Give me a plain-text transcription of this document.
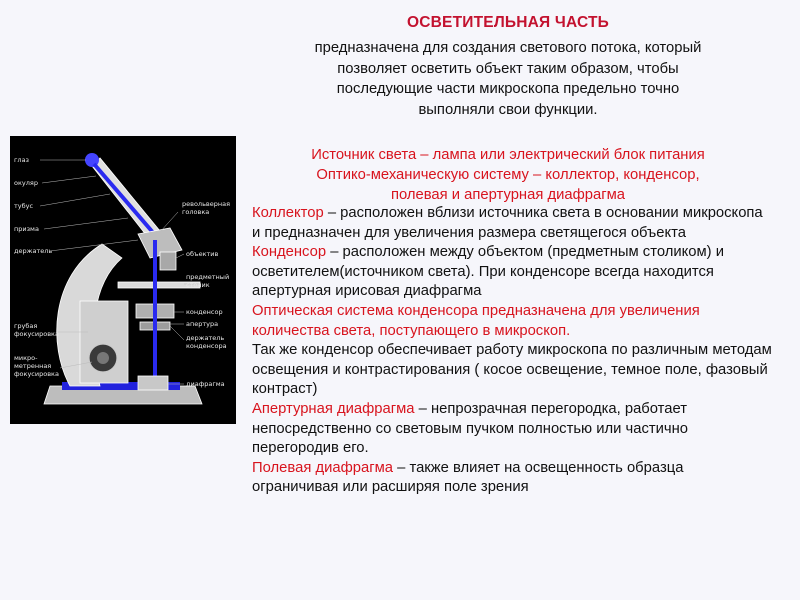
ОСВЕТИТЕЛЬНАЯ ЧАСТЬ
предназначена для создания светового потока, который
позволяет осветить объект таким образом, чтобы
последующие части микроскопа предельно точно
выполняли свои функции.
Источник света – лампа или электрический блок питания
Оптико-механическую систему – коллектор, конденсор,
полевая и апертурная диафрагма

Коллектор – расположен вблизи источника света в основании микроскопа и предназначен для увеличения размера светящегося объекта

Конденсор – расположен между объектом (предметным столиком) и осветителем(источником света). При конденсоре всегда находится апертурная ирисовая диафрагма

Оптическая система конденсора предназначена для увеличения количества света, поступающего в микроскоп.

Так же конденсор обеспечивает работу микроскопа по различным методам освещения и контрастирования ( косое освещение, темное поле, фазовый контраст)

Апертурная диафрагма – непрозрачная перегородка, работает непосредственно со световым пучком полностью или частично перегородив его.

Полевая диафрагма – также влияет на освещенность образца ограничивая или расширяя поле зрения

глаз
окуляр
тубус
призма
держатель
грубая
фокусировка
микро-
метренная
фокусировка
револьверная
головка
объектив
предметный
столик
конденсор
апертура
держатель
конденсора
диафрагма
